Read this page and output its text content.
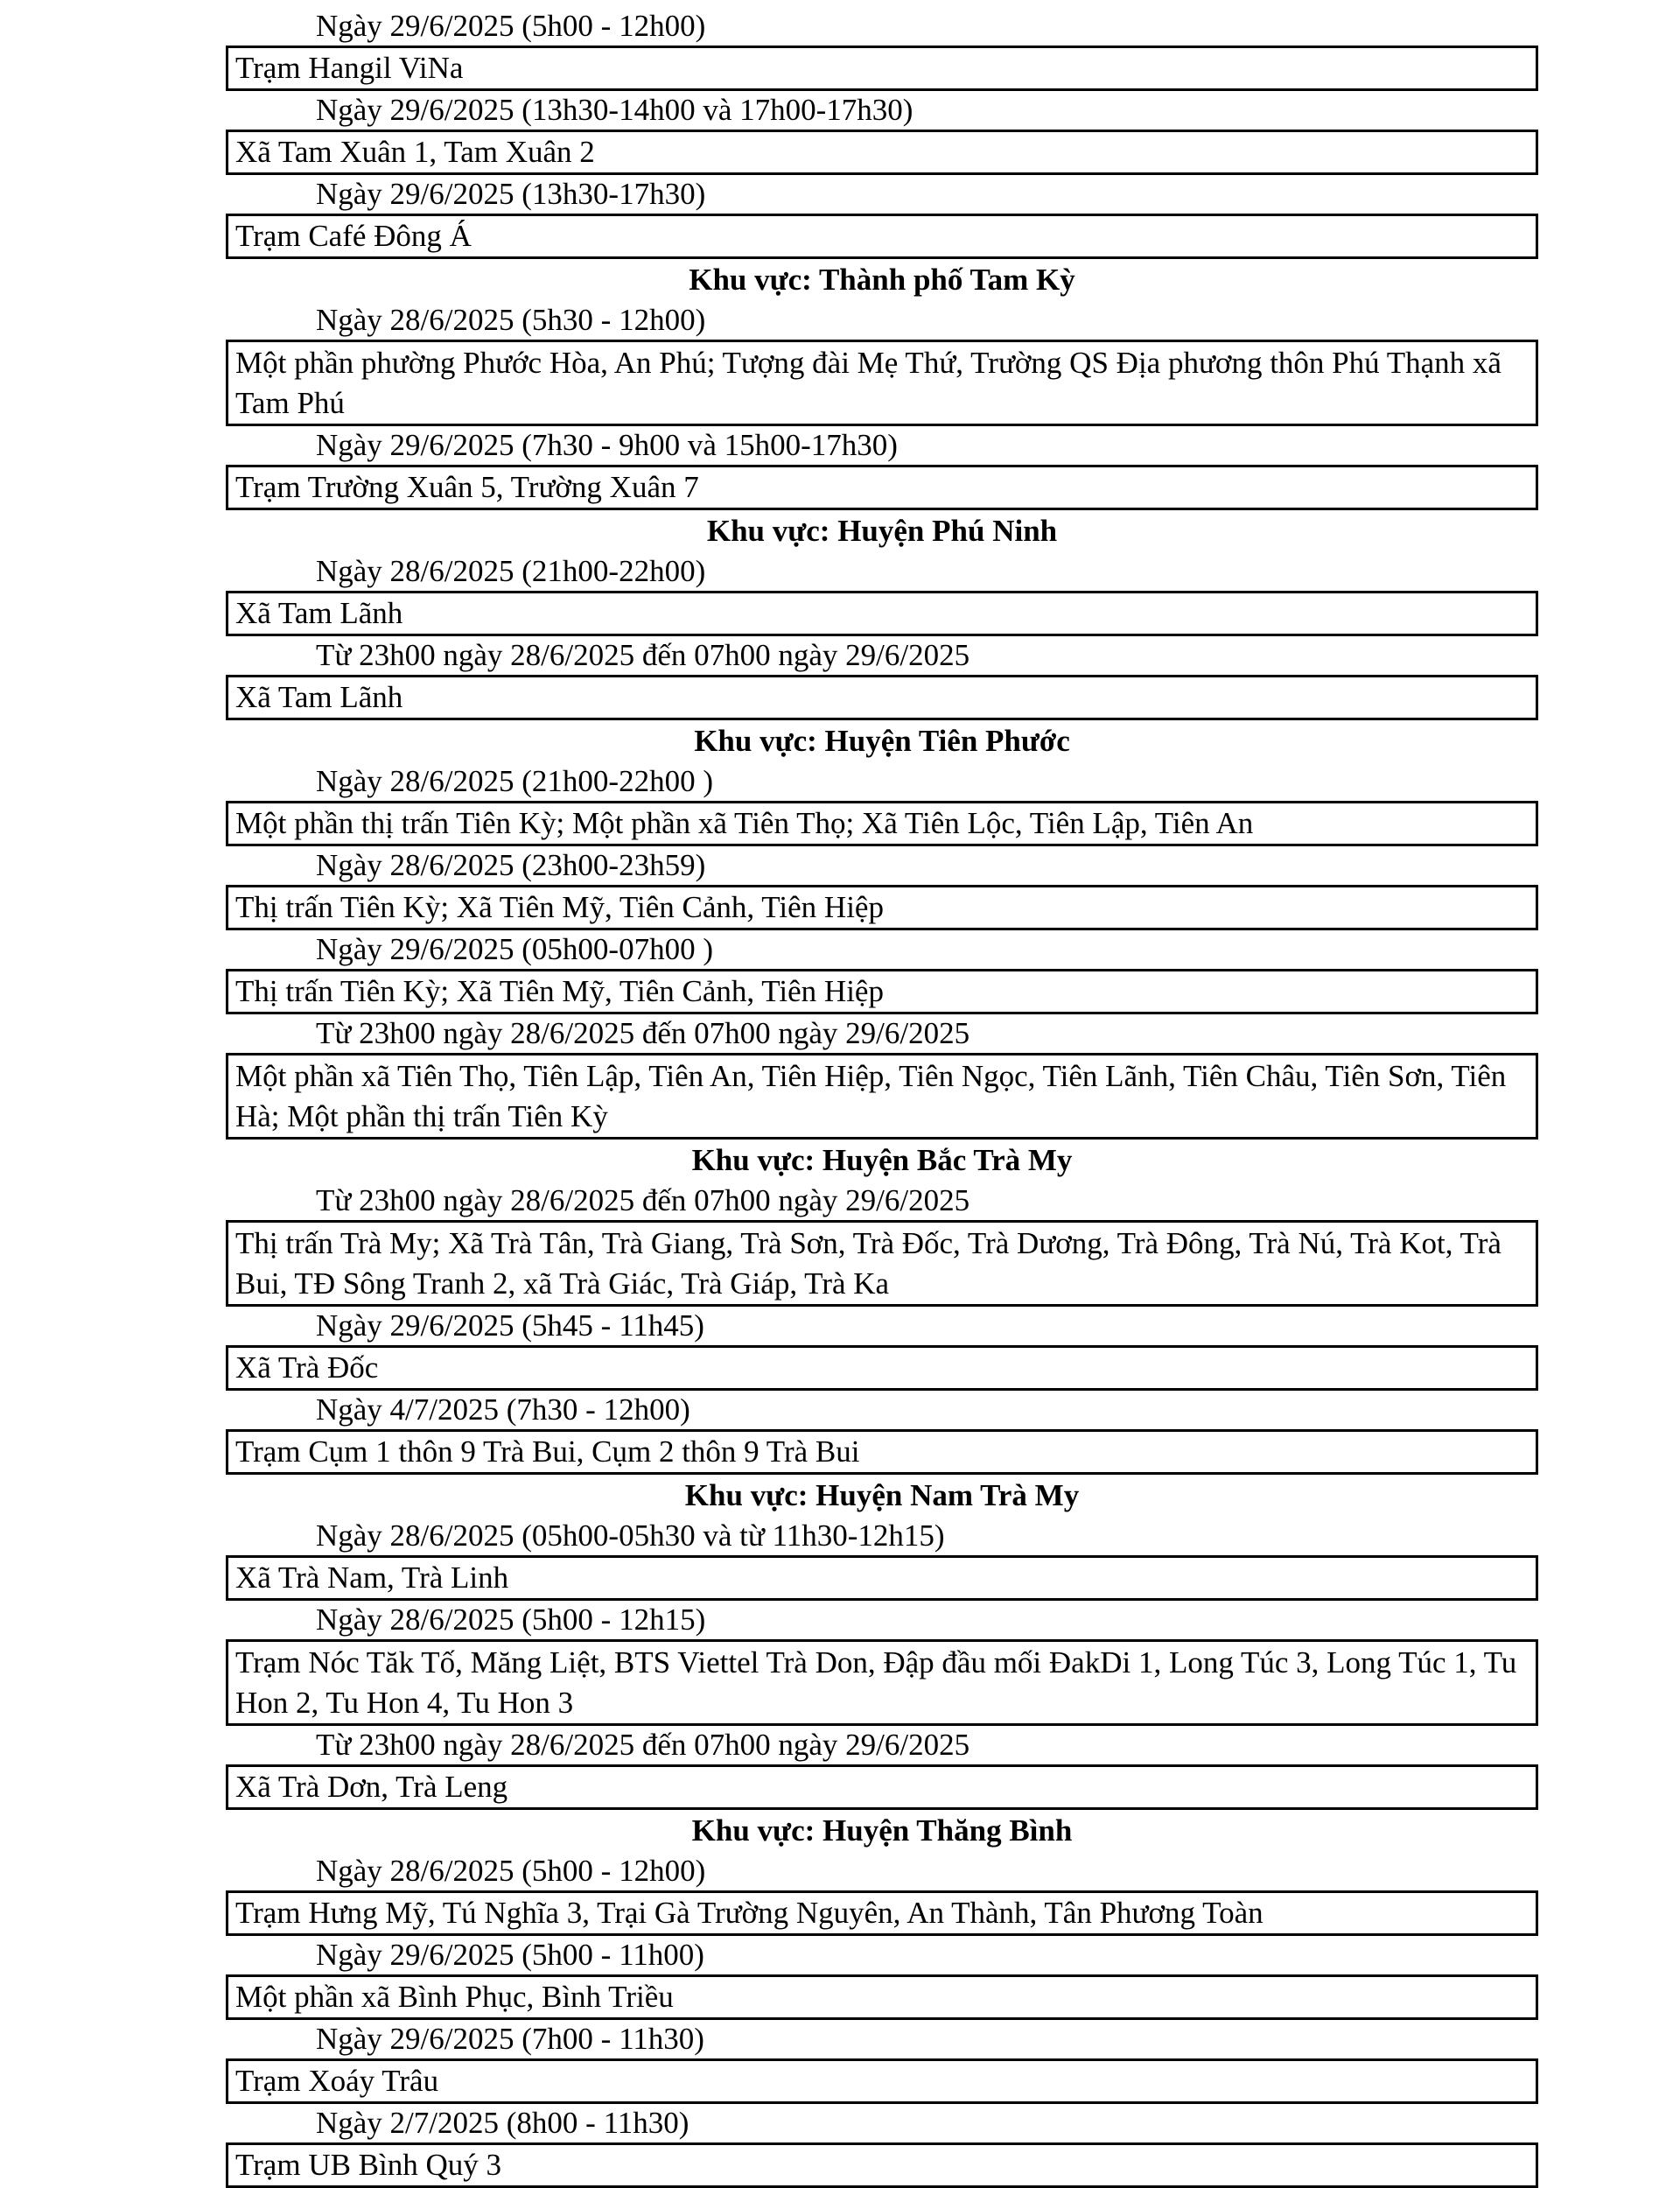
Ngày 29/6/2025 (5h00 - 12h00)
Trạm Hangil ViNa
Ngày 29/6/2025 (13h30-14h00 và 17h00-17h30)
Xã Tam Xuân 1, Tam Xuân 2
Ngày 29/6/2025 (13h30-17h30)
Trạm Café Đông Á
Khu vực: Thành phố Tam Kỳ
Ngày 28/6/2025 (5h30 - 12h00)
Một phần phường Phước Hòa, An Phú; Tượng đài Mẹ Thứ, Trường QS Địa phương thôn Phú Thạnh xã Tam Phú
Ngày 29/6/2025 (7h30 - 9h00 và 15h00-17h30)
Trạm Trường Xuân 5, Trường Xuân 7
Khu vực: Huyện Phú Ninh
Ngày 28/6/2025 (21h00-22h00)
Xã Tam Lãnh
Từ 23h00 ngày 28/6/2025 đến 07h00 ngày 29/6/2025
Xã Tam Lãnh
Khu vực: Huyện Tiên Phước
Ngày 28/6/2025 (21h00-22h00 )
Một phần thị trấn Tiên Kỳ; Một phần xã Tiên Thọ; Xã Tiên Lộc, Tiên Lập, Tiên An
Ngày 28/6/2025 (23h00-23h59)
Thị trấn Tiên Kỳ; Xã Tiên Mỹ, Tiên Cảnh, Tiên Hiệp
Ngày 29/6/2025 (05h00-07h00 )
Thị trấn Tiên Kỳ; Xã Tiên Mỹ, Tiên Cảnh, Tiên Hiệp
Từ 23h00 ngày 28/6/2025 đến 07h00 ngày 29/6/2025
Một phần xã Tiên Thọ, Tiên Lập, Tiên An, Tiên Hiệp, Tiên Ngọc, Tiên Lãnh, Tiên Châu, Tiên Sơn, Tiên Hà; Một phần thị trấn Tiên Kỳ
Khu vực: Huyện Bắc Trà My
Từ 23h00 ngày 28/6/2025 đến 07h00 ngày 29/6/2025
Thị trấn Trà My; Xã Trà Tân, Trà Giang, Trà Sơn, Trà Đốc, Trà Dương, Trà Đông, Trà Nú, Trà Kot, Trà Bui, TĐ Sông Tranh 2, xã Trà Giác, Trà Giáp, Trà Ka
Ngày 29/6/2025 (5h45 - 11h45)
Xã Trà Đốc
Ngày 4/7/2025 (7h30 - 12h00)
Trạm Cụm 1 thôn 9 Trà Bui, Cụm 2 thôn 9 Trà Bui
Khu vực: Huyện Nam Trà My
Ngày 28/6/2025 (05h00-05h30 và từ 11h30-12h15)
Xã Trà Nam, Trà Linh
Ngày 28/6/2025 (5h00 - 12h15)
Trạm Nóc Tăk Tố, Măng Liệt, BTS Viettel Trà Don, Đập đầu mối ĐakDi 1, Long Túc 3, Long Túc 1, Tu Hon 2, Tu Hon 4, Tu Hon 3
Từ 23h00 ngày 28/6/2025 đến 07h00 ngày 29/6/2025
Xã Trà Dơn, Trà Leng
Khu vực: Huyện Thăng Bình
Ngày 28/6/2025 (5h00 - 12h00)
Trạm Hưng Mỹ, Tú Nghĩa 3, Trại Gà Trường Nguyên, An Thành, Tân Phương Toàn
Ngày 29/6/2025 (5h00 - 11h00)
Một phần xã Bình Phục, Bình Triều
Ngày 29/6/2025 (7h00 - 11h30)
Trạm Xoáy Trâu
Ngày 2/7/2025 (8h00 - 11h30)
Trạm UB Bình Quý 3
